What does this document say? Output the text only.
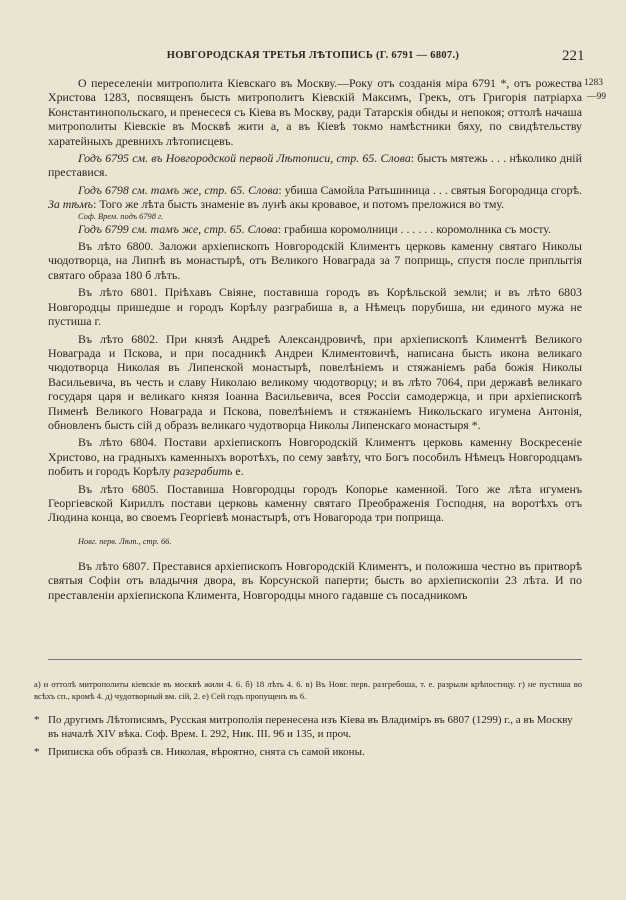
НОВГОРОДСКАЯ ТРЕТЬЯ ЛѢТОПИСЬ (Г. 6791 — 6807.)	221
1283
—99

О переселеніи митрополита Кіевскаго въ Москву.—Року отъ созданія міра 6791 *, отъ рожества Христова 1283, посвященъ бысть митрополитъ Кіевскій Максимъ, Грекъ, отъ Григорія патріарха Константинопольскаго, и пренесеся съ Кіева въ Москву, ради Татарскія обиды и непокоя; оттолѣ начаша митрополиты Кіевскіе въ Москвѣ жити а, а въ Кіевѣ токмо намѣстники бяху, по свидѣтельству харатейныхъ древнихъ лѣтописцевъ.

Годъ 6795 см. въ Новгородской первой Лѣтописи, стр. 65. Слова: бысть мятежь . . . нѣколико дній преставися.

Годъ 6798 см. тамъ же, стр. 65. Слова: убиша Самойла Ратьшиница . . . святыя Богородица сгорѣ. За тѣмъ: Того же лѣта бысть знаменіе въ лунѣ акы кровавое, и потомъ преложися во тму.

Соф. Врем. подъ 6798 г.

Годъ 6799 см. тамъ же, стр. 65. Слова: грабиша коромолници . . . . . . коромолника съ мосту.

Въ лѣто 6800. Заложи архіепископъ Новгородскій Климентъ церковь каменну святаго Николы чюдотворца, на Липнѣ въ монастырѣ, отъ Великого Новаграда за 7 поприщь, спустя после приплытія святаго образа 180 б лѣть.

Въ лѣто 6801. Пріѣхавъ Свіяне, поставиша городъ въ Корѣльской земли; и въ лѣто 6803 Новгородцы пришедше и городъ Корѣлу разграбиша в, а Нѣмецъ порубиша, ни единого мужа не пустиша г.

Въ лѣто 6802. При князѣ Андреѣ Александровичѣ, при архіепископѣ Климентѣ Великого Новаграда и Пскова, и при посадникѣ Андреи Климентовичѣ, написана бысть икона великаго чюдотворца Николая въ Липенской монастырѣ, повелѣніемъ и стяжаніемъ раба божія Николы Васильевича, въ честь и славу Николаю великому чюдотворцу; и въ лѣто 7064, при державѣ великаго государя царя и великаго князя Іоанна Васильевича, всея Россіи самодержца, и при архіепископѣ Пименѣ Великого Новаграда и Пскова, повелѣніемъ и стяжаніемъ Никольскаго игумена Антонія, обновленъ бысть сій д образъ великаго чудотворца Николы Липенскаго монастыря *.

Въ лѣто 6804. Постави архіепископъ Новгородскій Климентъ церковь каменну Воскресеніе Христово, на градныхъ каменныхъ воротѣхъ, по сему завѣту, что Богъ пособилъ Нѣмецъ Новгородцамъ побить и городъ Корѣлу разграбить е.

Въ лѣто 6805. Поставиша Новгородцы городъ Копорье каменной. Того же лѣта игуменъ Георгіевской Кириллъ постави церковь каменну святаго Преображенія Господня, на воротѣхъ отъ Людина конца, во своемъ Георгіевѣ монастырѣ, отъ Новагорода три поприща.

Новг. перв. Лѣт., стр. 66.

Въ лѣто 6807. Преставися архіепископъ Новгородскій Климентъ, и положиша честно въ притворѣ святыя Софіи отъ владычня двора, въ Корсунской паперти; бысть во архіепископіи 23 лѣта. И по преставленіи архіепископа Климента, Новгородцы много гадавше съ посадникомъ

а) и оттолѣ митрополиты кіевскіе въ москвѣ жили 4. 6. б) 18 лѣть 4. 6. в) Въ Новг. перв. разгребоша, т. е. разрыли крѣпостицу. г) не пустиша во всѣхъ сп., кромѣ 4. д) чудотворный вм. сій, 2. е) Сей годъ пропущенъ въ 6.
* По другимъ Лѣтописямъ, Русская митрополія перенесена изъ Кіева въ Владиміръ въ 6807 (1299) г., а въ Москву въ началѣ XIV вѣка. Соф. Врем. І. 292, Ник. ІІІ. 96 и 135, и проч.
* Приписка объ образѣ св. Николая, вѣроятно, снята съ самой иконы.
